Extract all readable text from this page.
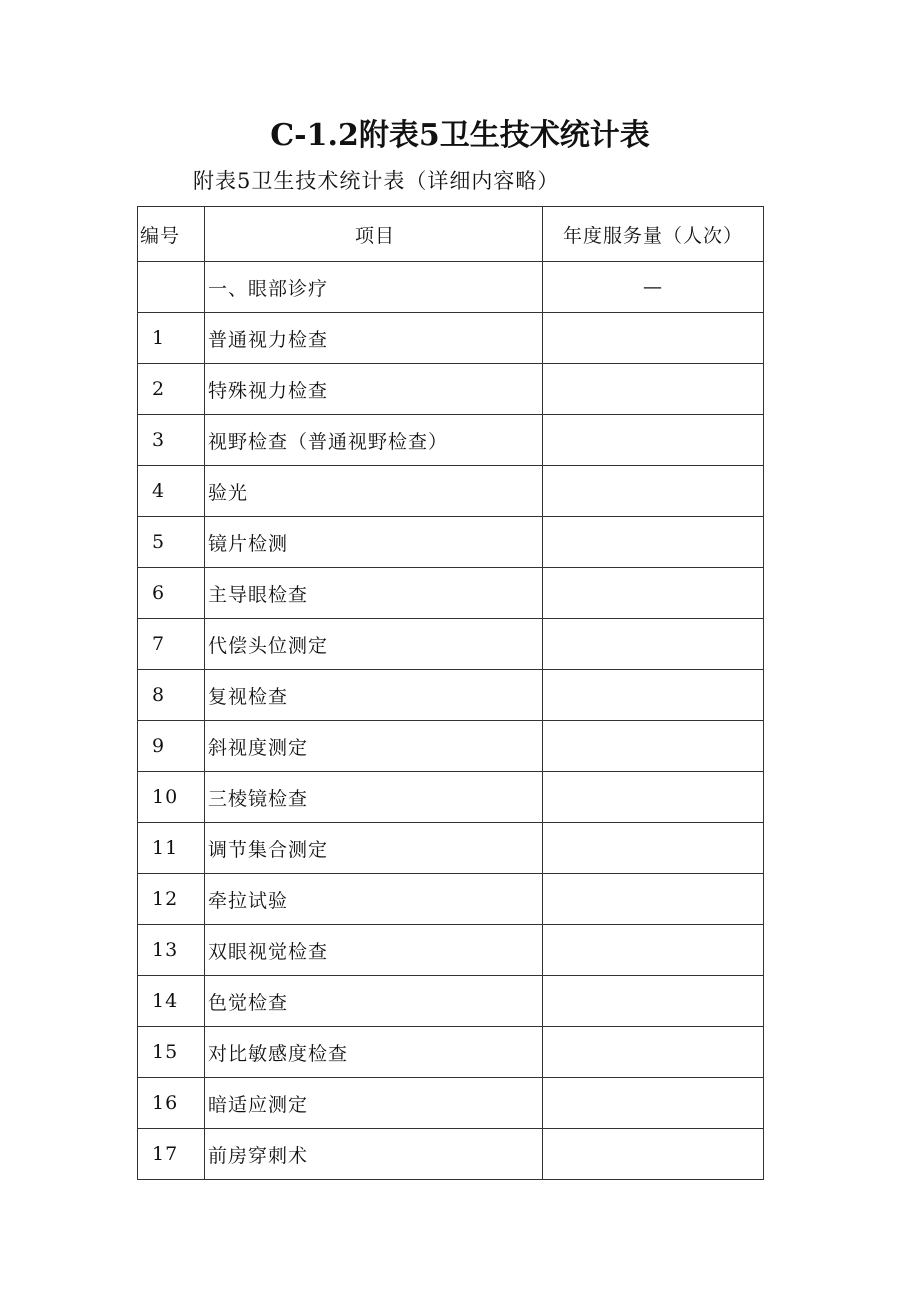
C-1.2附表5卫生技术统计表
附表5卫生技术统计表（详细内容略）
编号	项目	年度服务量（人次）
	一、眼部诊疗	—
1	普通视力检查	
2	特殊视力检查	
3	视野检查（普通视野检查）	
4	验光	
5	镜片检测	
6	主导眼检查	
7	代偿头位测定	
8	复视检查	
9	斜视度测定	
10	三棱镜检查	
11	调节集合测定	
12	牵拉试验	
13	双眼视觉检查	
14	色觉检查	
15	对比敏感度检查	
16	暗适应测定	
17	前房穿刺术	
